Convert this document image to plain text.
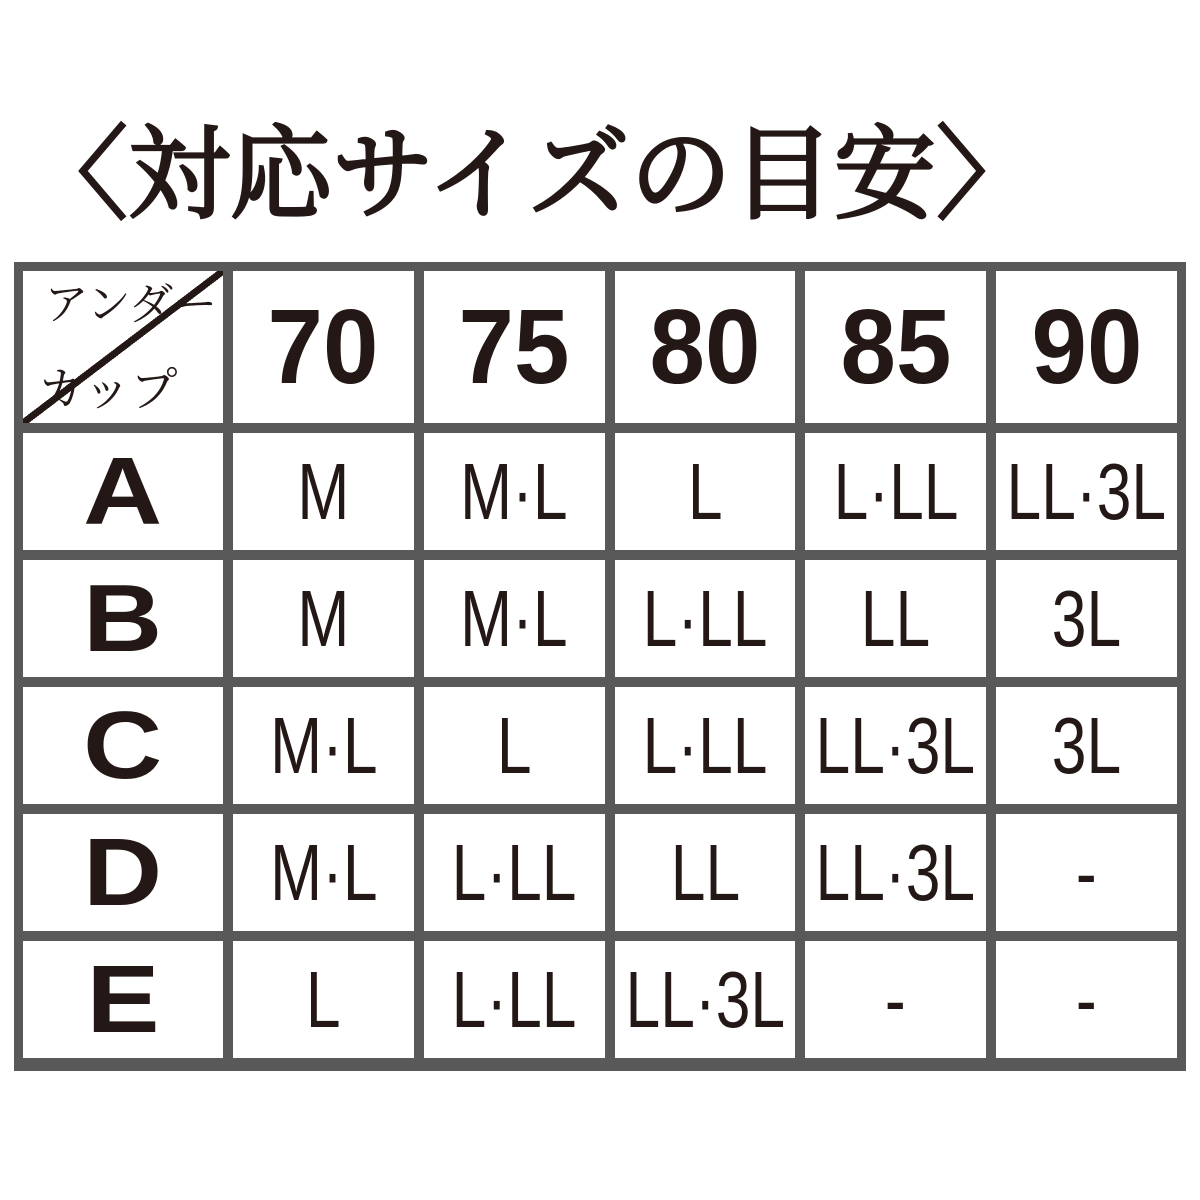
〈対応サイズの目安〉
アンダー
カップ 70 75 80 85 90
A M M·L L L·LL LL·3L
B M M·L L·LL LL 3L
C M·L L L·LL LL·3L 3L
D M·L L·LL LL LL·3L -
E L L·LL LL·3L - -
